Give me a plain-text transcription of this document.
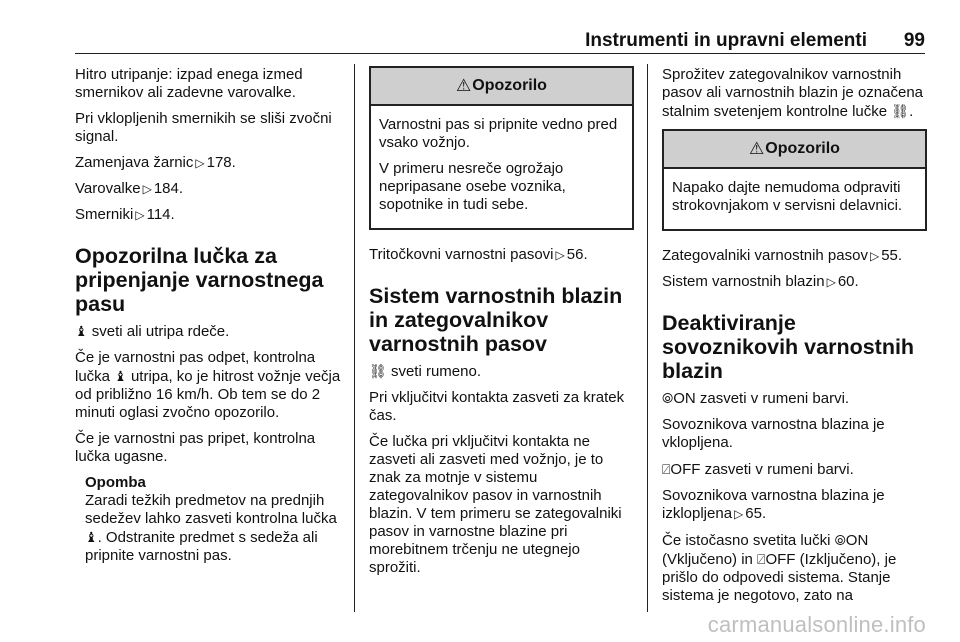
Instrumenti in upravni elementi 99
Hitro utripanje: izpad enega izmed smernikov ali zadevne varovalke.
Pri vklopljenih smernikih se sliši zvočni signal.
Zamenjava žarnic ▷ 178.
Varovalke ▷ 184.
Smerniki ▷ 114.
Opozorilna lučka za pripenjanje varnostnega pasu
♝ sveti ali utripa rdeče.
Če je varnostni pas odpet, kontrolna lučka ♝ utripa, ko je hitrost vožnje večja od približno 16 km/h. Ob tem se do 2 minuti oglasi zvočno opozorilo.
Če je varnostni pas pripet, kontrolna lučka ugasne.
Opomba
Zaradi težkih predmetov na prednjih sedežev lahko zasveti kontrolna lučka ♝. Odstranite predmet s sedeža ali pripnite varnostni pas.
⚠ Opozorilo
Varnostni pas si pripnite vedno pred vsako vožnjo.
V primeru nesreče ogrožajo nepripasane osebe voznika, sopotnike in tudi sebe.
Tritočkovni varnostni pasovi ▷ 56.
Sistem varnostnih blazin in zategovalnikov varnostnih pasov
⛓ sveti rumeno.
Pri vključitvi kontakta zasveti za kratek čas.
Če lučka pri vključitvi kontakta ne zasveti ali zasveti med vožnjo, je to znak za motnje v sistemu zategovalnikov pasov in varnostnih blazin. V tem primeru se zategovalniki pasov in varnostne blazine pri morebitnem trčenju ne utegnejo sprožiti.
Sprožitev zategovalnikov varnostnih pasov ali varnostnih blazin je označena stalnim svetenjem kontrolne lučke ⛓.
⚠ Opozorilo
Napako dajte nemudoma odpraviti strokovnjakom v servisni delavnici.
Zategovalniki varnostnih pasov ▷ 55.
Sistem varnostnih blazin ▷ 60.
Deaktiviranje sovoznikovih varnostnih blazin
⦾ON zasveti v rumeni barvi.
Sovoznikova varnostna blazina je vklopljena.
⍁OFF zasveti v rumeni barvi.
Sovoznikova varnostna blazina je izklopljena ▷ 65.
Če istočasno svetita lučki ⦾ON (Vključeno) in ⍁OFF (Izključeno), je prišlo do odpovedi sistema. Stanje sistema je negotovo, zato na
carmanualsonline.info
